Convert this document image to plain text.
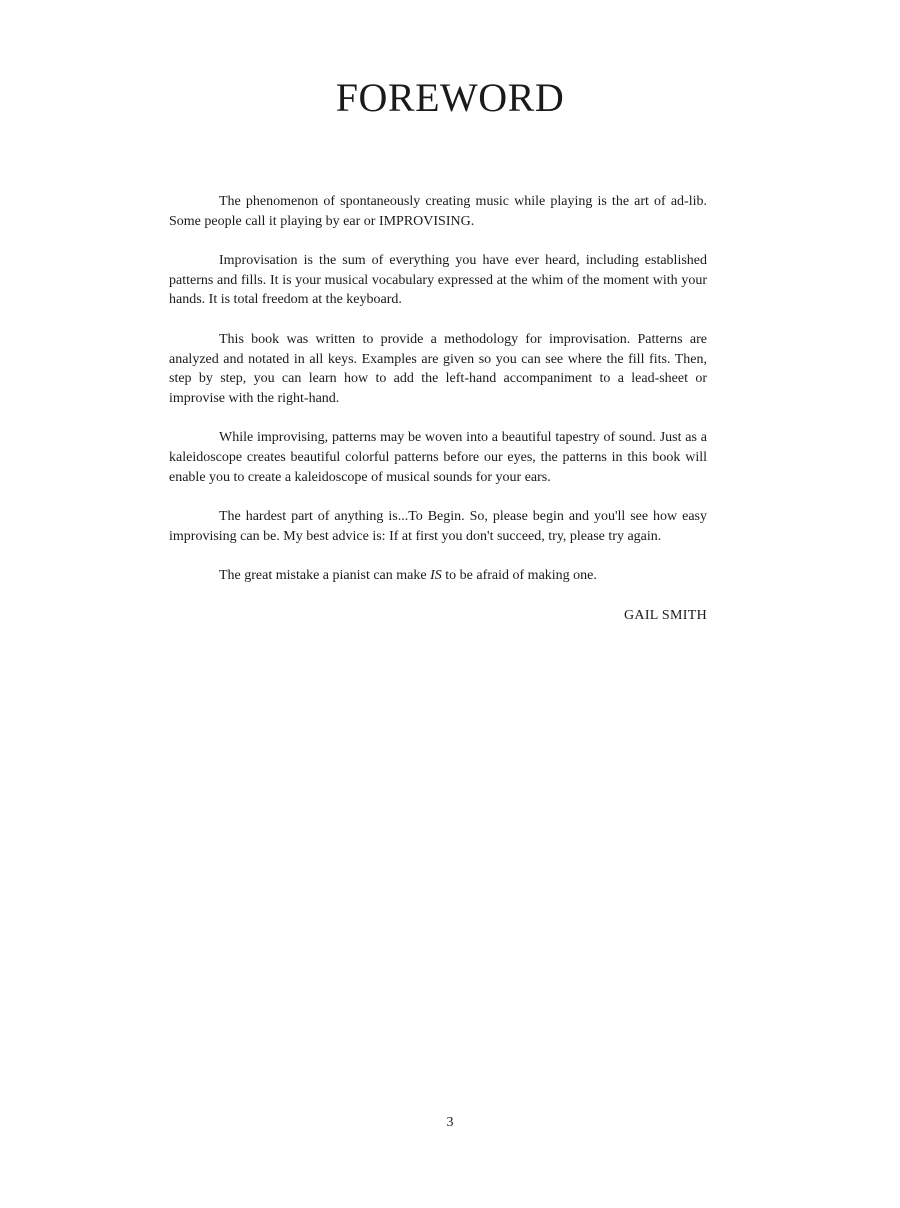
FOREWORD

The phenomenon of spontaneously creating music while playing is the art of ad-lib. Some people call it playing by ear or IMPROVISING.

Improvisation is the sum of everything you have ever heard, including established patterns and fills. It is your musical vocabulary expressed at the whim of the moment with your hands. It is total freedom at the keyboard.

This book was written to provide a methodology for improvisation. Patterns are analyzed and notated in all keys. Examples are given so you can see where the fill fits. Then, step by step, you can learn how to add the left-hand accompaniment to a lead-sheet or improvise with the right-hand.

While improvising, patterns may be woven into a beautiful tapestry of sound. Just as a kaleidoscope creates beautiful colorful patterns before our eyes, the patterns in this book will enable you to create a kaleidoscope of musical sounds for your ears.

The hardest part of anything is...To Begin. So, please begin and you'll see how easy improvising can be. My best advice is: If at first you don't succeed, try, please try again.

The great mistake a pianist can make IS to be afraid of making one.

GAIL SMITH

3
